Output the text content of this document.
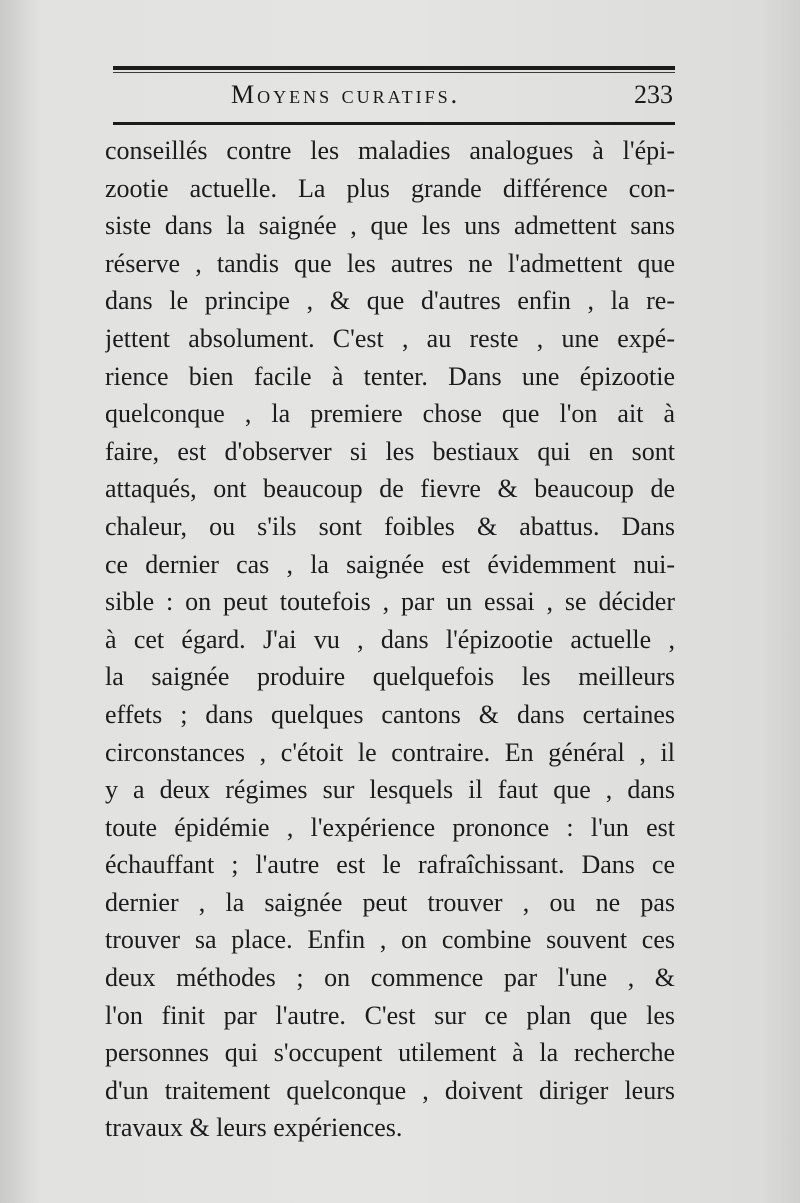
Moyens curatifs.	233
conseillés contre les maladies analogues à l'épi-
zootie actuelle. La plus grande différence con-
siste dans la saignée , que les uns admettent sans
réserve , tandis que les autres ne l'admettent que
dans le principe , & que d'autres enfin , la re-
jettent absolument. C'est , au reste , une expé-
rience bien facile à tenter. Dans une épizootie
quelconque , la premiere chose que l'on ait à
faire, est d'observer si les bestiaux qui en sont
attaqués, ont beaucoup de fievre & beaucoup de
chaleur, ou s'ils sont foibles & abattus. Dans
ce dernier cas , la saignée est évidemment nui-
sible : on peut toutefois , par un essai , se décider
à cet égard. J'ai vu , dans l'épizootie actuelle ,
la saignée produire quelquefois les meilleurs
effets ; dans quelques cantons & dans certaines
circonstances , c'étoit le contraire. En général , il
y a deux régimes sur lesquels il faut que , dans
toute épidémie , l'expérience prononce : l'un est
échauffant ; l'autre est le rafraîchissant. Dans ce
dernier , la saignée peut trouver , ou ne pas
trouver sa place. Enfin , on combine souvent ces
deux méthodes ; on commence par l'une , &
l'on finit par l'autre. C'est sur ce plan que les
personnes qui s'occupent utilement à la recherche
d'un traitement quelconque , doivent diriger leurs
travaux & leurs expériences.
